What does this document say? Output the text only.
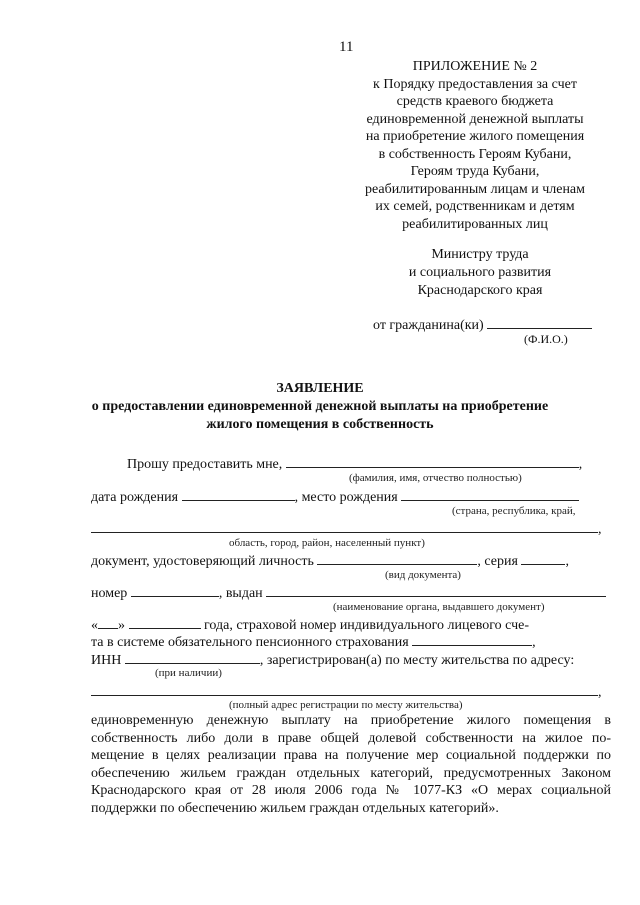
11
ПРИЛОЖЕНИЕ № 2
к Порядку предоставления за счет
средств краевого бюджета
единовременной денежной выплаты
на приобретение жилого помещения
в собственность Героям Кубани,
Героям труда Кубани,
реабилитированным лицам и членам
их семей, родственникам и детям
реабилитированных лиц
Министру труда
и социального развития
Краснодарского края
от гражданина(ки)
(Ф.И.О.)
ЗАЯВЛЕНИЕ
о предоставлении единовременной денежной выплаты на приобретение
жилого помещения в собственность
Прошу предоставить мне,	,
(фамилия, имя, отчество полностью)
дата рождения	, место рождения
(страна, республика, край,
,
область, город, район, населенный пункт)
документ, удостоверяющий личность	, серия	,
(вид документа)
номер	, выдан
(наименование органа, выдавшего документ)
« »	года, страховой номер индивидуального лицевого сче-
та в системе обязательного пенсионного страхования	,
ИНН	, зарегистрирован(а) по месту жительства по адресу:
(при наличии)
,
(полный адрес регистрации по месту жительства)
единовременную денежную выплату на приобретение жилого помещения в
собственность либо доли в праве общей долевой собственности на жилое по-
мещение в целях реализации права на получение мер социальной поддержки по
обеспечению жильем граждан отдельных категорий, предусмотренных Законом
Краснодарского края от 28 июля 2006 года № 1077-КЗ «О мерах социальной
поддержки по обеспечению жильем граждан отдельных категорий».
